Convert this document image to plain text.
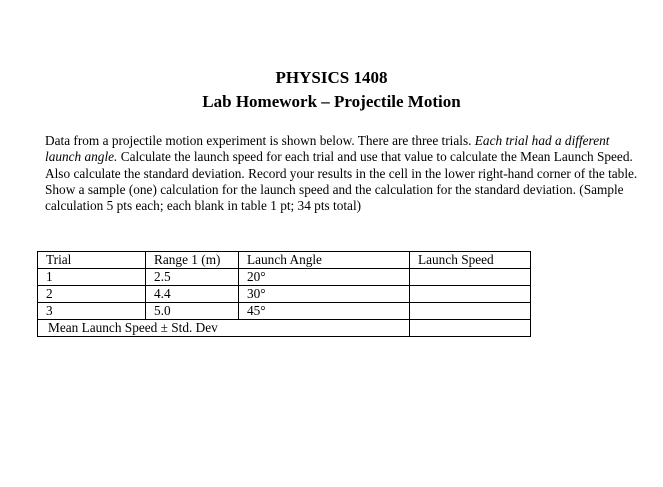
PHYSICS 1408
Lab Homework – Projectile Motion

Data from a projectile motion experiment is shown below. There are three trials. Each trial had a different launch angle. Calculate the launch speed for each trial and use that value to calculate the Mean Launch Speed. Also calculate the standard deviation. Record your results in the cell in the lower right-hand corner of the table. Show a sample (one) calculation for the launch speed and the calculation for the standard deviation. (Sample calculation 5 pts each; each blank in table 1 pt; 34 pts total)

Trial	Range 1 (m)	Launch Angle	Launch Speed
1	2.5	20°	
2	4.4	30°	
3	5.0	45°	
Mean Launch Speed ± Std. Dev			
